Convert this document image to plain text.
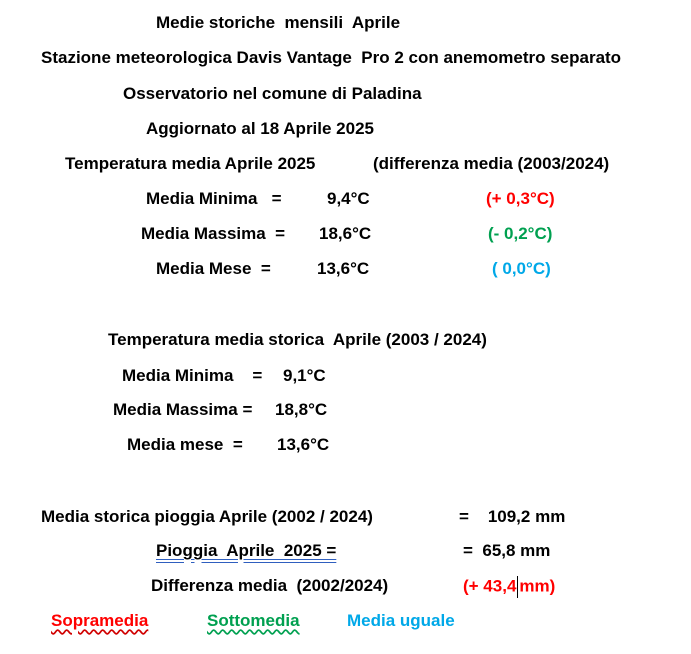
Medie storiche  mensili  Aprile
Stazione meteorologica Davis Vantage  Pro 2 con anemometro separato
Osservatorio nel comune di Paladina
Aggiornato al 18 Aprile 2025
Temperatura media Aprile 2025	(differenza media (2003/2024)
Media Minima   =	9,4°C	(+ 0,3°C)
Media Massima  = 18,6°C	(- 0,2°C)
Media Mese  =	13,6°C	( 0,0°C)
Temperatura media storica  Aprile (2003 / 2024)
Media Minima    = 9,1°C
Media Massima = 18,8°C
Media mese  = 13,6°C
Media storica pioggia Aprile (2002 / 2024)	=    109,2 mm
Pioggia  Aprile  2025 =	=  65,8 mm
Differenza media  (2002/2024)	(+ 43,4 mm)
Sopramedia	Sottomedia	Media uguale
